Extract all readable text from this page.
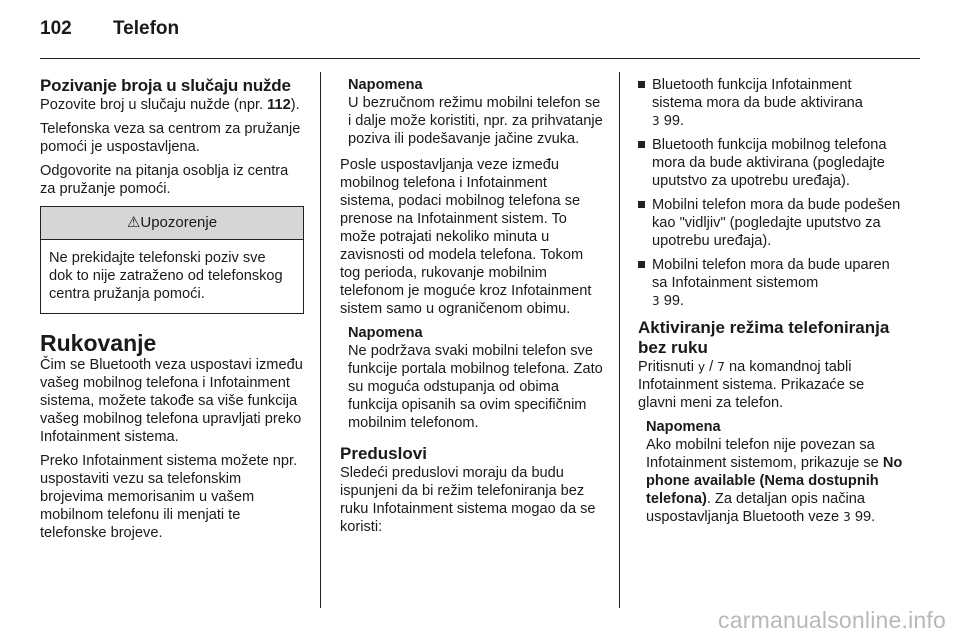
102 Telefon
Pozivanje broja u slučaju nužde

Pozovite broj u slučaju nužde (npr. 112).

Telefonska veza sa centrom za pružanje pomoći je uspostavljena.

Odgovorite na pitanja osoblja iz centra za pružanje pomoći.

⚠Upozorenje
Ne prekidajte telefonski poziv sve dok to nije zatraženo od telefonskog centra pružanja pomoći.
Rukovanje

Čim se Bluetooth veza uspostavi između vašeg mobilnog telefona i Infotainment sistema, možete takođe sa više funkcija vašeg mobilnog telefona upravljati preko Infotainment sistema.

Preko Infotainment sistema možete npr. uspostaviti vezu sa telefonskim brojevima memorisanim u vašem mobilnom telefonu ili menjati te telefonske brojeve.

Napomena
U bezručnom režimu mobilni telefon se i dalje može koristiti, npr. za prihvatanje poziva ili podešavanje jačine zvuka.

Posle uspostavljanja veze između mobilnog telefona i Infotainment sistema, podaci mobilnog telefona se prenose na Infotainment sistem. To može potrajati nekoliko minuta u zavisnosti od modela telefona. Tokom tog perioda, rukovanje mobilnim telefonom je moguće kroz Infotainment sistem samo u ograničenom obimu.

Napomena
Ne podržava svaki mobilni telefon sve funkcije portala mobilnog telefona. Zato su moguća odstupanja od obima funkcija opisanih sa ovim specifičnim mobilnim telefonom.
Preduslovi

Sledeći preduslovi moraju da budu ispunjeni da bi režim telefoniranja bez ruku Infotainment sistema mogao da se koristi:

Bluetooth funkcija Infotainment sistema mora da bude aktivirana
3 99.
Bluetooth funkcija mobilnog telefona mora da bude aktivirana (pogledajte uputstvo za upotrebu uređaja).
Mobilni telefon mora da bude podešen kao "vidljiv" (pogledajte uputstvo za upotrebu uređaja).
Mobilni telefon mora da bude uparen sa Infotainment sistemom
3 99.
Aktiviranje režima telefoniranja bez ruku

Pritisnuti y / 7 na komandnoj tabli Infotainment sistema. Prikazaće se glavni meni za telefon.

Napomena
Ako mobilni telefon nije povezan sa Infotainment sistemom, prikazuje se No phone available (Nema dostupnih telefona). Za detaljan opis načina uspostavljanja Bluetooth veze 3 99.
carmanualsonline.info
